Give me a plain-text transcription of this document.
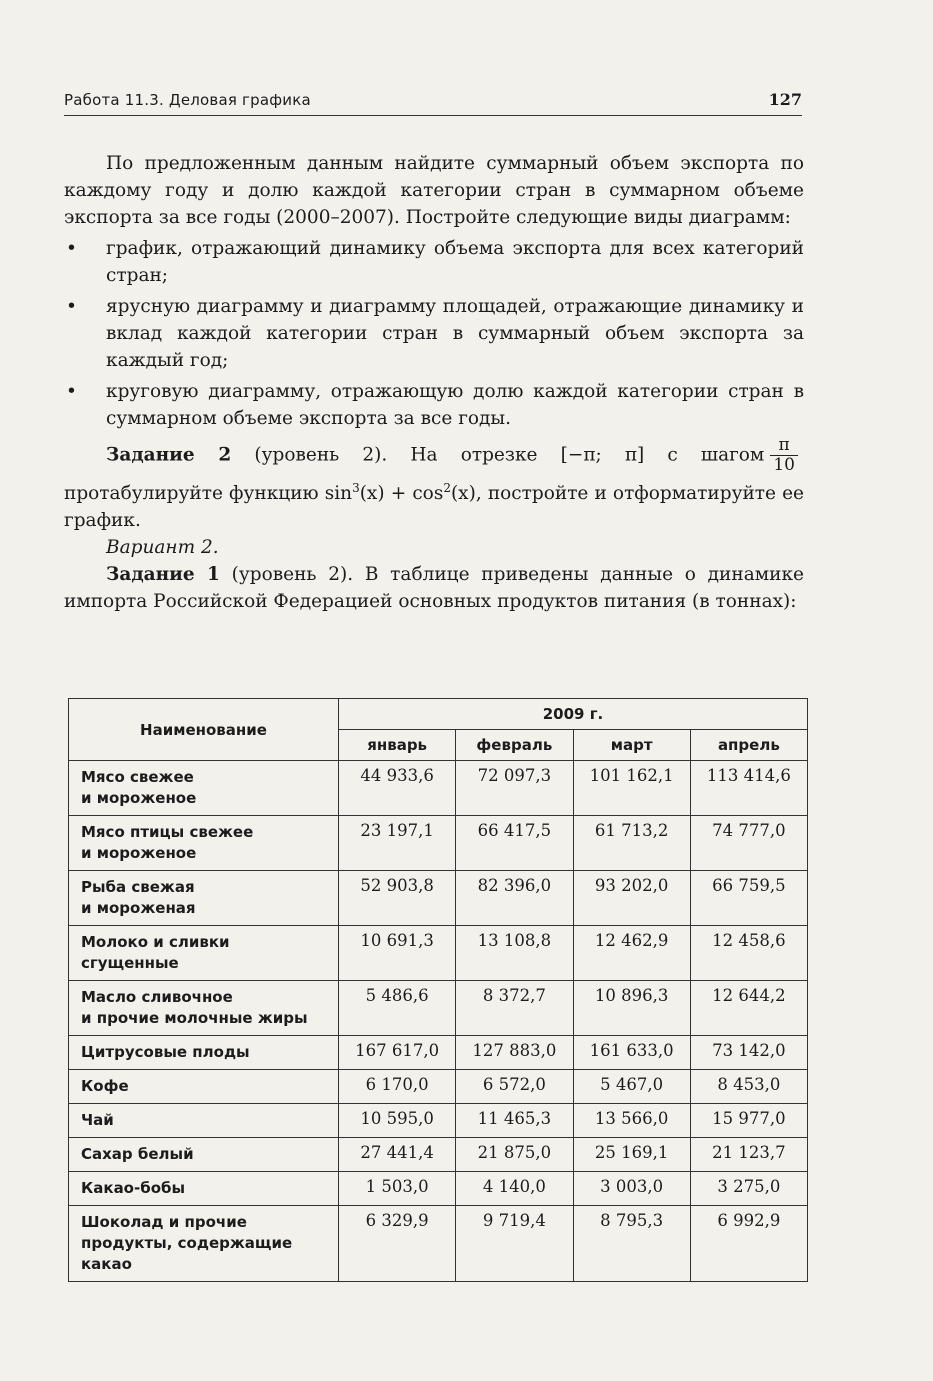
Работа 11.3. Деловая графика	127

По предложенным данным найдите суммарный объем экспорта по каждому году и долю каждой категории стран в суммарном объеме экспорта за все годы (2000–2007). Постройте следующие виды диаграмм:

• график, отражающий динамику объема экспорта для всех категорий стран;
• ярусную диаграмму и диаграмму площадей, отражающие динамику и вклад каждой категории стран в суммарный объем экспорта за каждый год;
• круговую диаграмму, отражающую долю каждой категории стран в суммарном объеме экспорта за все годы.

Задание 2 (уровень 2). На отрезке [−π; π] с шагом $\frac{\pi}{10}$
протабулируйте функцию $\sin^3(x) + \cos^2(x)$, постройте и отформатируйте ее график.

Вариант 2.

Задание 1 (уровень 2). В таблице приведены данные о динамике импорта Российской Федерацией основных продуктов питания (в тоннах):

Наименование	2009 г.			
	январь	февраль	март	апрель
Мясо свежее
и мороженое	44 933,6	72 097,3	101 162,1	113 414,6
Мясо птицы свежее
и мороженое	23 197,1	66 417,5	61 713,2	74 777,0
Рыба свежая
и мороженая	52 903,8	82 396,0	93 202,0	66 759,5
Молоко и сливки
сгущенные	10 691,3	13 108,8	12 462,9	12 458,6
Масло сливочное
и прочие молочные жиры	5 486,6	8 372,7	10 896,3	12 644,2
Цитрусовые плоды	167 617,0	127 883,0	161 633,0	73 142,0
Кофе	6 170,0	6 572,0	5 467,0	8 453,0
Чай	10 595,0	11 465,3	13 566,0	15 977,0
Сахар белый	27 441,4	21 875,0	25 169,1	21 123,7
Какао-бобы	1 503,0	4 140,0	3 003,0	3 275,0
Шоколад и прочие
продукты, содержащие
какао	6 329,9	9 719,4	8 795,3	6 992,9
